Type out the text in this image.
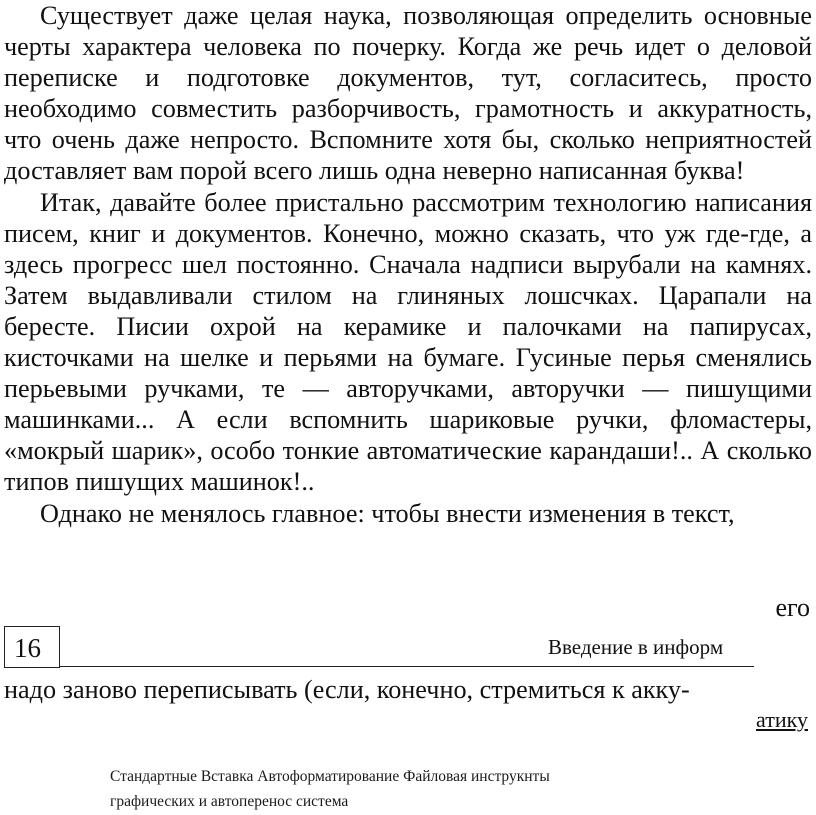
Существует даже целая наука, позволяющая определить основные черты характера человека по почерку. Когда же речь идет о деловой переписке и подготовке документов, тут, согласитесь, просто необходимо совместить разборчивость, грамотность и аккуратность, что очень даже непросто. Вспомните хотя бы, сколько неприятностей доставляет вам порой всего лишь одна неверно написанная буква!

Итак, давайте более пристально рассмотрим технологию написания писем, книг и документов. Конечно, можно сказать, что уж где-где, а здесь прогресс шел постоянно. Сначала надписи вырубали на камнях. Затем выдавливали стилом на глиняных лошсчках. Царапали на бересте. Писии охрой на керамике и палочками на папирусах, кисточками на шелке и перьями на бумаге. Гусиные перья сменялись перьевыми ручками, те — авторучками, авторучки — пишущими машинками... А если вспомнить шариковые ручки, фломастеры, «мокрый шарик», особо тонкие автоматические карандаши!.. А сколько типов пишущих машинок!..

Однако не менялось главное: чтобы внести изменения в текст,

его
16	Введение в информ
надо заново переписывать (если, конечно, стремиться к акку-
атику
Стандартные Вставка Автоформатирование Файловая инструкнты
графических и автоперенос система
